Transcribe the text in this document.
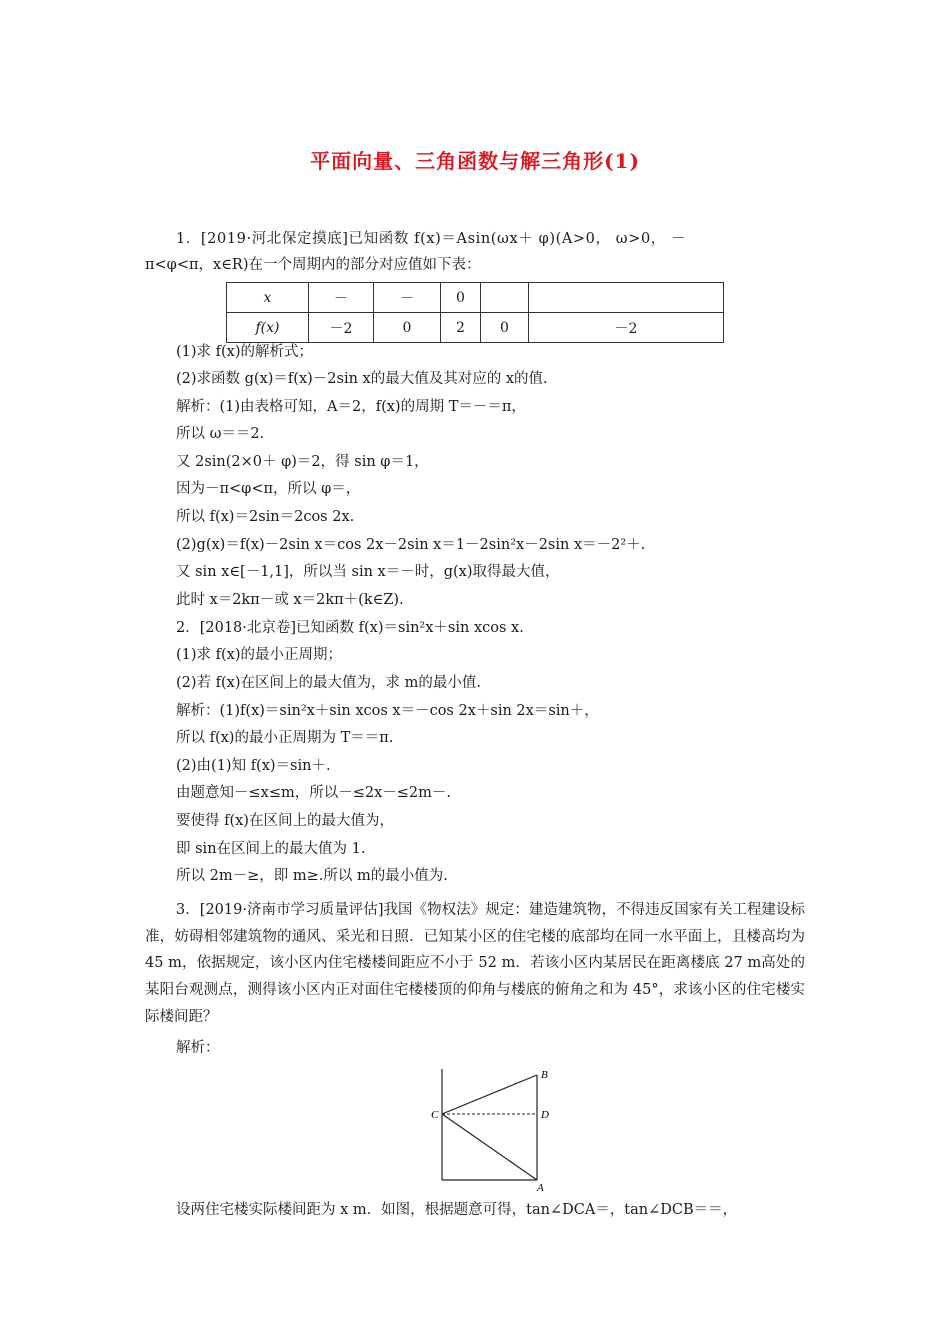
平面向量、三角函数与解三角形(1)
1．[2019·河北保定摸底]已知函数 f(x)＝Asin(ωx＋ φ)(A>0， ω>0， －
π<φ<π，x∈R)在一个周期内的部分对应值如下表：
x	－	－	0		
f(x)	－2	0	2	0	－2
(1)求 f(x)的解析式；
(2)求函数 g(x)＝f(x)－2sin x的最大值及其对应的 x的值.
解析：(1)由表格可知，A＝2，f(x)的周期 T＝－＝π，
所以 ω＝＝2.
又 2sin(2×0＋ φ)＝2，得 sin φ＝1，
因为－π<φ<π，所以 φ＝，
所以 f(x)＝2sin＝2cos 2x.
(2)g(x)＝f(x)－2sin x＝cos 2x－2sin x＝1－2sin²x－2sin x＝－2²＋.
又 sin x∈[－1,1]，所以当 sin x＝－时，g(x)取得最大值，
此时 x＝2kπ－或 x＝2kπ＋(k∈Z).
2．[2018·北京卷]已知函数 f(x)＝sin²x＋sin xcos x.
(1)求 f(x)的最小正周期；
(2)若 f(x)在区间上的最大值为，求 m的最小值.
解析：(1)f(x)＝sin²x＋sin xcos x＝－cos 2x＋sin 2x＝sin＋，
所以 f(x)的最小正周期为 T＝＝π.
(2)由(1)知 f(x)＝sin＋.
由题意知－≤x≤m，所以－≤2x－≤2m－.
要使得 f(x)在区间上的最大值为，
即 sin在区间上的最大值为 1.
所以 2m－≥，即 m≥.所以 m的最小值为.
3．[2019·济南市学习质量评估]我国《物权法》规定：建造建筑物，不得违反国家有关工程建设标准，妨碍相邻建筑物的通风、采光和日照．已知某小区的住宅楼的底部均在同一水平面上，且楼高均为 45 m，依据规定，该小区内住宅楼楼间距应不小于 52 m．若该小区内某居民在距离楼底 27 m高处的某阳台观测点，测得该小区内正对面住宅楼楼顶的仰角与楼底的俯角之和为 45°，求该小区的住宅楼实际楼间距？
解析：
B
C	D
A
设两住宅楼实际楼间距为 x m．如图，根据题意可得，tan∠DCA＝，tan∠DCB＝＝，
